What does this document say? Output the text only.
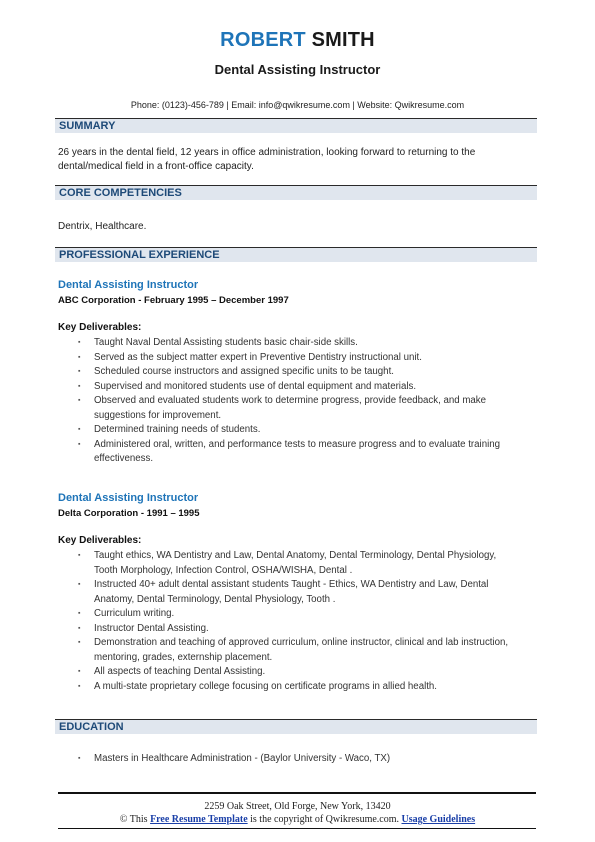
ROBERT SMITH
Dental Assisting Instructor
Phone: (0123)-456-789 | Email: info@qwikresume.com | Website: Qwikresume.com
SUMMARY
26 years in the dental field, 12 years in office administration, looking forward to returning to the dental/medical field in a front-office capacity.
CORE COMPETENCIES
Dentrix, Healthcare.
PROFESSIONAL EXPERIENCE
Dental Assisting Instructor
ABC Corporation - February 1995 – December 1997
Key Deliverables:
▪ Taught Naval Dental Assisting students basic chair-side skills.
▪ Served as the subject matter expert in Preventive Dentistry instructional unit.
▪ Scheduled course instructors and assigned specific units to be taught.
▪ Supervised and monitored students use of dental equipment and materials.
▪ Observed and evaluated students work to determine progress, provide feedback, and make suggestions for improvement.
▪ Determined training needs of students.
▪ Administered oral, written, and performance tests to measure progress and to evaluate training effectiveness.
Dental Assisting Instructor
Delta Corporation - 1991 – 1995
Key Deliverables:
▪ Taught ethics, WA Dentistry and Law, Dental Anatomy, Dental Terminology, Dental Physiology, Tooth Morphology, Infection Control, OSHA/WISHA, Dental .
▪ Instructed 40+ adult dental assistant students Taught - Ethics, WA Dentistry and Law, Dental Anatomy, Dental Terminology, Dental Physiology, Tooth .
▪ Curriculum writing.
▪ Instructor Dental Assisting.
▪ Demonstration and teaching of approved curriculum, online instructor, clinical and lab instruction, mentoring, grades, externship placement.
▪ All aspects of teaching Dental Assisting.
▪ A multi-state proprietary college focusing on certificate programs in allied health.
EDUCATION
▪ Masters in Healthcare Administration - (Baylor University - Waco, TX)
2259 Oak Street, Old Forge, New York, 13420
© This Free Resume Template is the copyright of Qwikresume.com. Usage Guidelines
